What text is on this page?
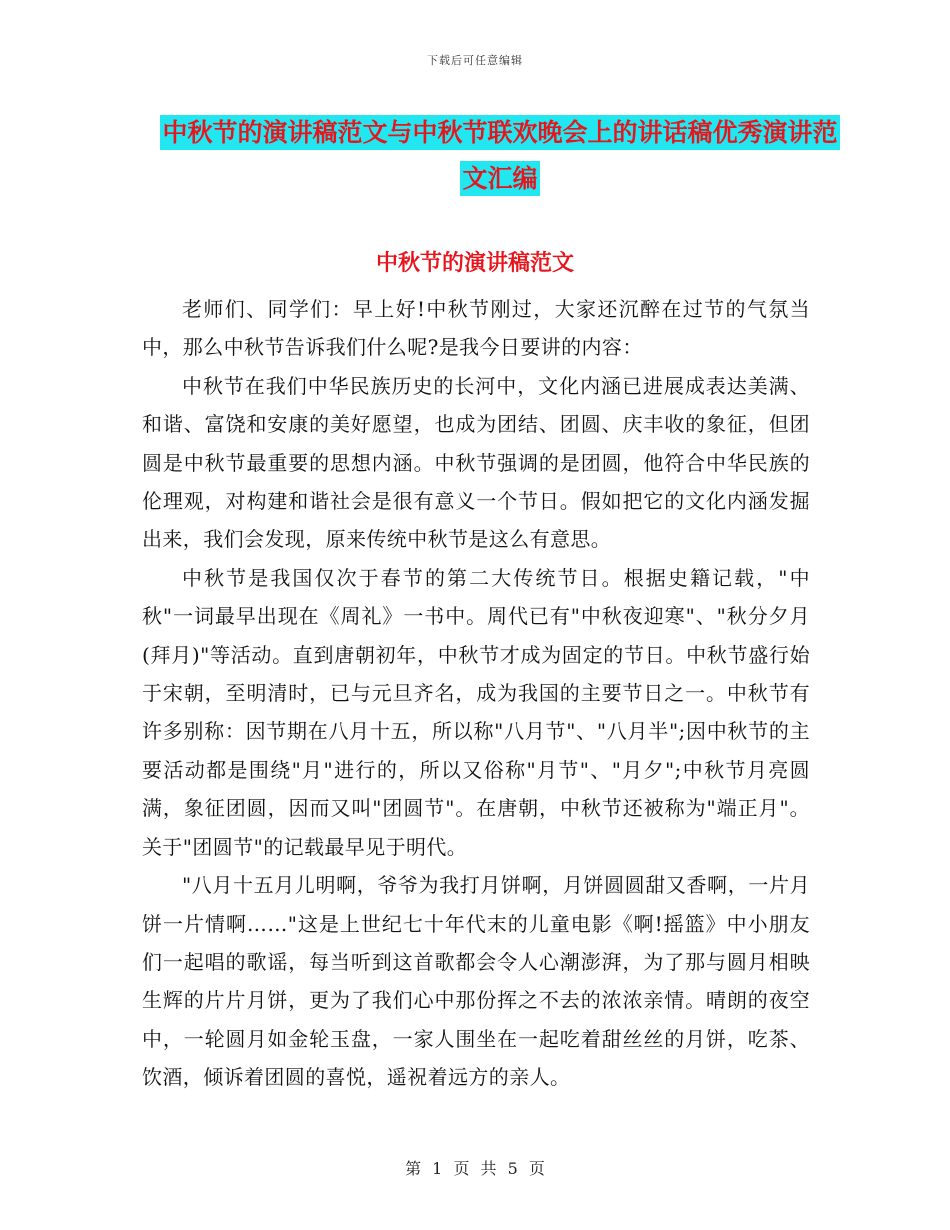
下载后可任意编辑
中秋节的演讲稿范文与中秋节联欢晚会上的讲话稿优秀演讲范文汇编
中秋节的演讲稿范文

老师们、同学们：早上好!中秋节刚过，大家还沉醉在过节的气氛当中，那么中秋节告诉我们什么呢?是我今日要讲的内容：

中秋节在我们中华民族历史的长河中，文化内涵已进展成表达美满、和谐、富饶和安康的美好愿望，也成为团结、团圆、庆丰收的象征，但团圆是中秋节最重要的思想内涵。中秋节强调的是团圆，他符合中华民族的伦理观，对构建和谐社会是很有意义一个节日。假如把它的文化内涵发掘出来，我们会发现，原来传统中秋节是这么有意思。

中秋节是我国仅次于春节的第二大传统节日。根据史籍记载，"中秋"一词最早出现在《周礼》一书中。周代已有"中秋夜迎寒"、"秋分夕月(拜月)"等活动。直到唐朝初年，中秋节才成为固定的节日。中秋节盛行始于宋朝，至明清时，已与元旦齐名，成为我国的主要节日之一。中秋节有许多别称：因节期在八月十五，所以称"八月节"、"八月半";因中秋节的主要活动都是围绕"月"进行的，所以又俗称"月节"、"月夕";中秋节月亮圆满，象征团圆，因而又叫"团圆节"。在唐朝，中秋节还被称为"端正月"。关于"团圆节"的记载最早见于明代。

"八月十五月儿明啊，爷爷为我打月饼啊，月饼圆圆甜又香啊，一片月饼一片情啊……"这是上世纪七十年代末的儿童电影《啊!摇篮》中小朋友们一起唱的歌谣，每当听到这首歌都会令人心潮澎湃，为了那与圆月相映生辉的片片月饼，更为了我们心中那份挥之不去的浓浓亲情。晴朗的夜空中，一轮圆月如金轮玉盘，一家人围坐在一起吃着甜丝丝的月饼，吃茶、饮酒，倾诉着团圆的喜悦，遥祝着远方的亲人。

第 1 页 共 5 页
